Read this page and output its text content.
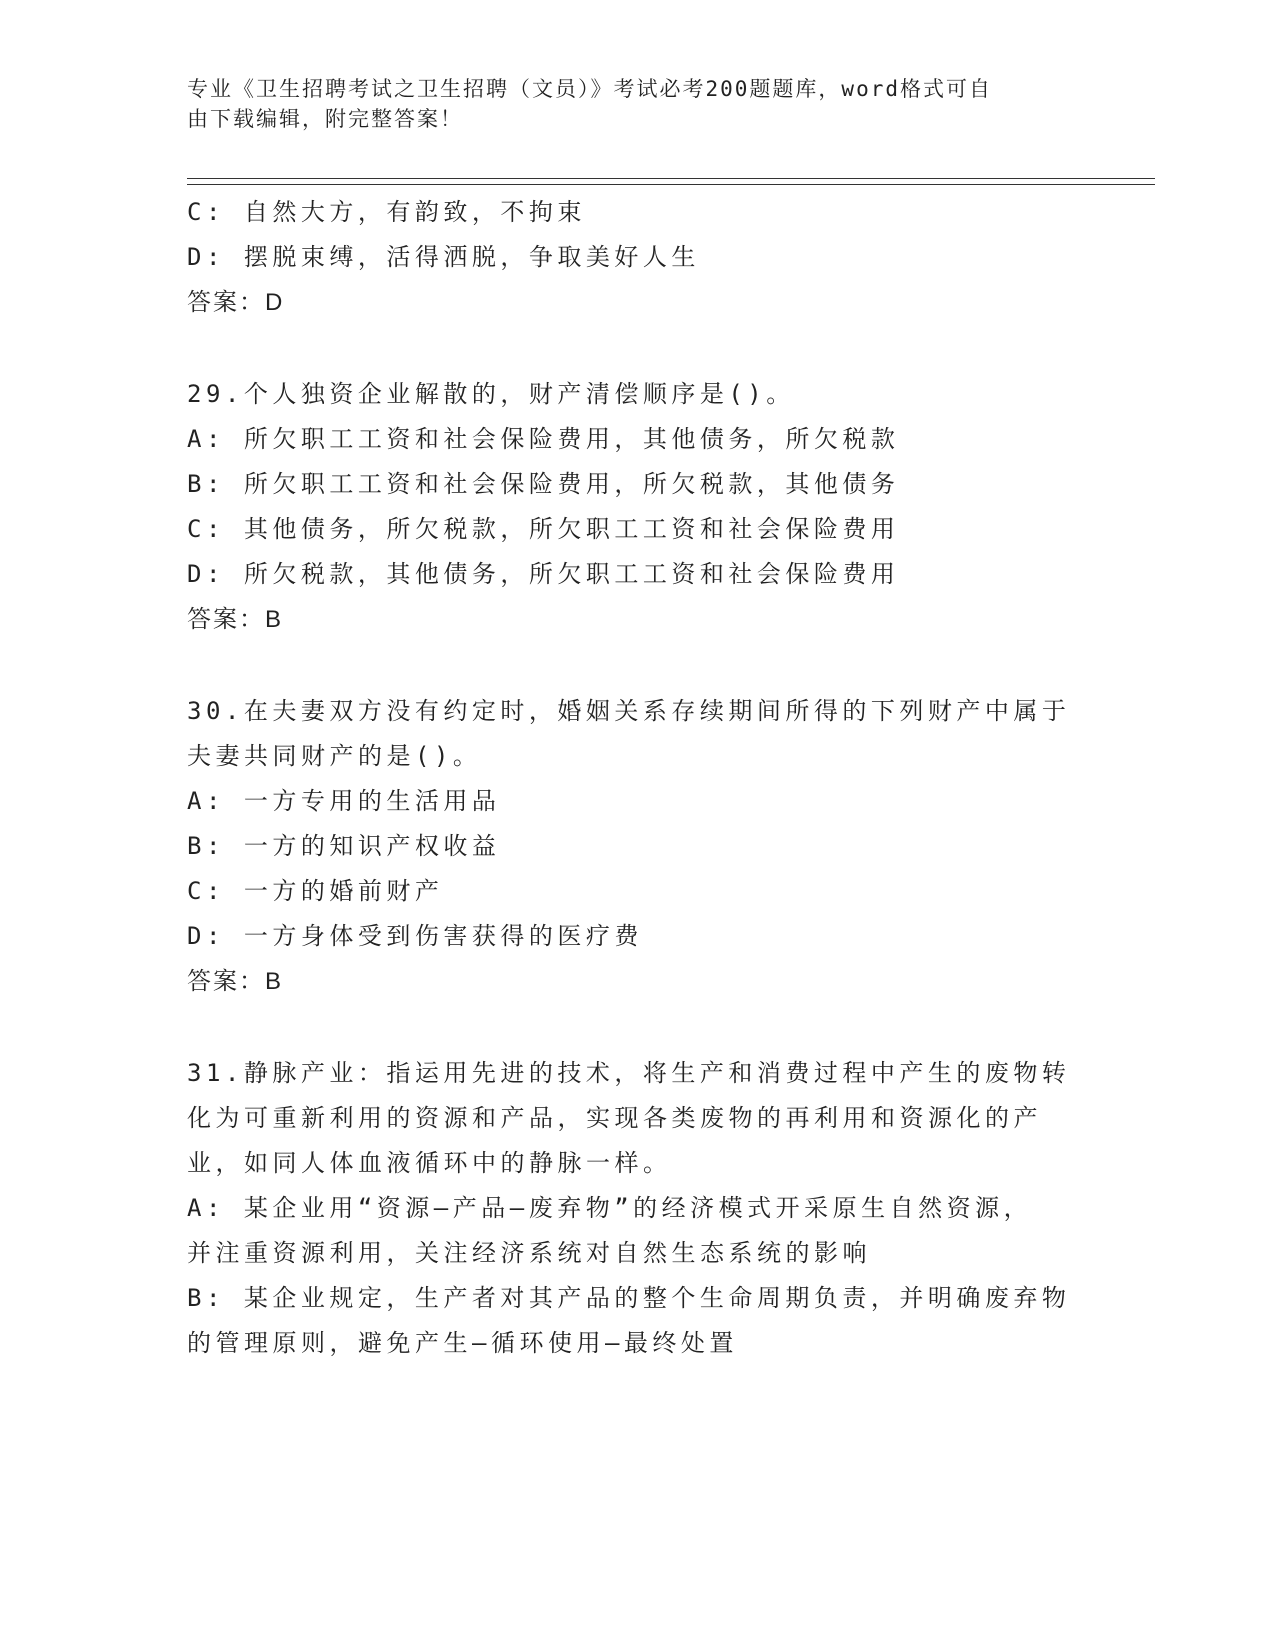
专业《卫生招聘考试之卫生招聘（文员）》考试必考200题题库，word格式可自
由下载编辑，附完整答案！
C: 自然大方，有韵致，不拘束
D: 摆脱束缚，活得洒脱，争取美好人生
答案：D
29.个人独资企业解散的，财产清偿顺序是()。
A: 所欠职工工资和社会保险费用，其他债务，所欠税款
B: 所欠职工工资和社会保险费用，所欠税款，其他债务
C: 其他债务，所欠税款，所欠职工工资和社会保险费用
D: 所欠税款，其他债务，所欠职工工资和社会保险费用
答案：B
30.在夫妻双方没有约定时，婚姻关系存续期间所得的下列财产中属于
夫妻共同财产的是()。
A: 一方专用的生活用品
B: 一方的知识产权收益
C: 一方的婚前财产
D: 一方身体受到伤害获得的医疗费
答案：B
31.静脉产业：指运用先进的技术，将生产和消费过程中产生的废物转
化为可重新利用的资源和产品，实现各类废物的再利用和资源化的产
业，如同人体血液循环中的静脉一样。
A: 某企业用“资源—产品—废弃物”的经济模式开采原生自然资源，
并注重资源利用，关注经济系统对自然生态系统的影响
B: 某企业规定，生产者对其产品的整个生命周期负责，并明确废弃物
的管理原则，避免产生—循环使用—最终处置
